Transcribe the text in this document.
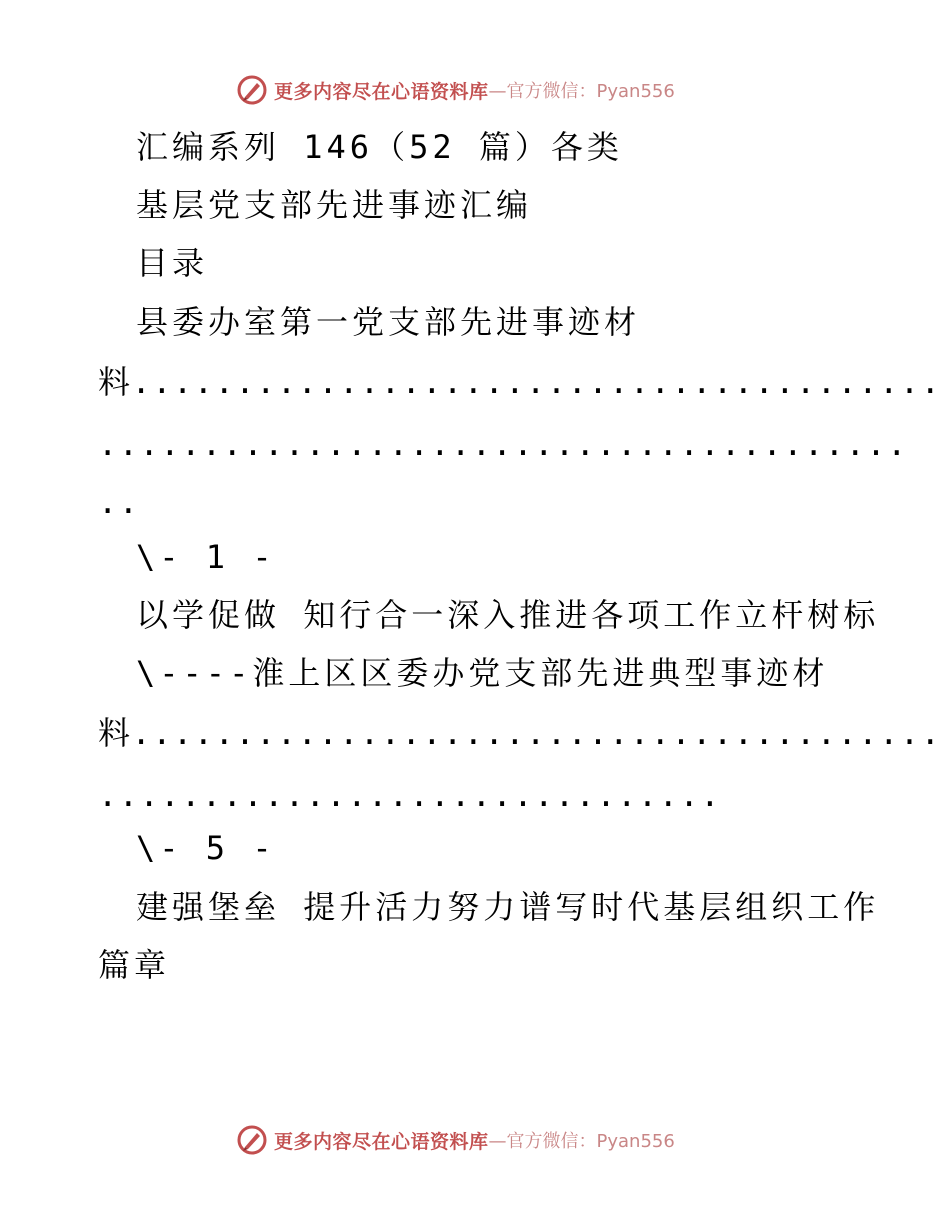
更多内容尽在心语资料库 —官方微信：Pyan556
汇编系列 146（52 篇）各类
基层党支部先进事迹汇编
目录
县委办室第一党支部先进事迹材
料.......................................
.......................................
..
\- 1 -
以学促做 知行合一深入推进各项工作立杆树标
\----淮上区区委办党支部先进典型事迹材
料.......................................
..............................
\- 5 -
建强堡垒 提升活力努力谱写时代基层组织工作
篇章
更多内容尽在心语资料库 —官方微信：Pyan556
